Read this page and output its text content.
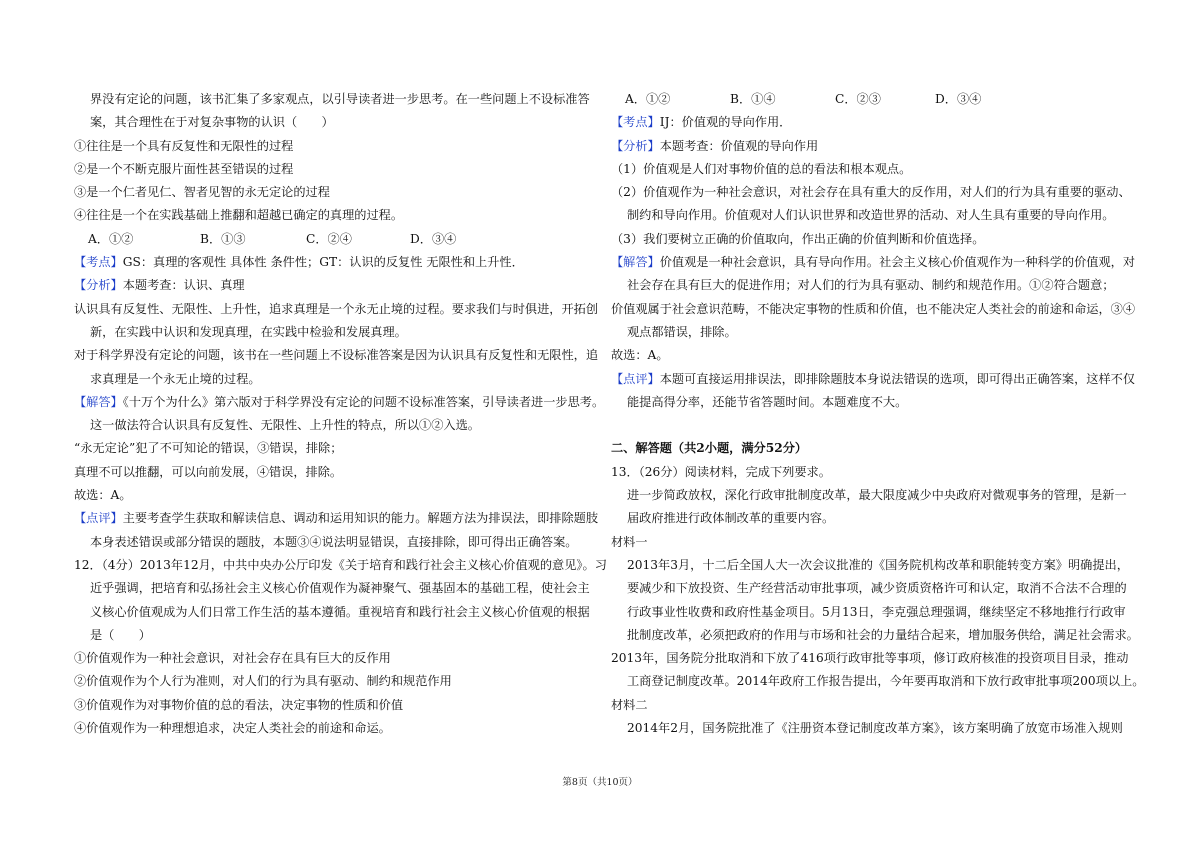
界没有定论的问题，该书汇集了多家观点，以引导读者进一步思考。在一些问题上不设标准答
案，其合理性在于对复杂事物的认识（　　）
①往往是一个具有反复性和无限性的过程
②是一个不断克服片面性甚至错误的过程
③是一个仁者见仁、智者见智的永无定论的过程
④往往是一个在实践基础上推翻和超越已确定的真理的过程。
A．①②	B．①③	C．②④	D．③④
【考点】GS：真理的客观性 具体性 条件性；GT：认识的反复性 无限性和上升性．
【分析】本题考查：认识、真理
认识具有反复性、无限性、上升性，追求真理是一个永无止境的过程。要求我们与时俱进，开拓创
新，在实践中认识和发现真理，在实践中检验和发展真理。
对于科学界没有定论的问题，该书在一些问题上不设标准答案是因为认识具有反复性和无限性，追
求真理是一个永无止境的过程。
【解答】《十万个为什么》第六版对于科学界没有定论的问题不设标准答案，引导读者进一步思考。
这一做法符合认识具有反复性、无限性、上升性的特点，所以①②入选。
“永无定论”犯了不可知论的错误，③错误，排除；
真理不可以推翻，可以向前发展，④错误，排除。
故选：A。
【点评】主要考查学生获取和解读信息、调动和运用知识的能力。解题方法为排误法，即排除题肢
本身表述错误或部分错误的题肢，本题③④说法明显错误，直接排除，即可得出正确答案。
12．（4分）2013年12月，中共中央办公厅印发《关于培育和践行社会主义核心价值观的意见》。习
近乎强调，把培育和弘扬社会主义核心价值观作为凝神聚气、强基固本的基础工程，使社会主
义核心价值观成为人们日常工作生活的基本遵循。重视培育和践行社会主义核心价值观的根据
是（　　）
①价值观作为一种社会意识，对社会存在具有巨大的反作用
②价值观作为个人行为准则，对人们的行为具有驱动、制约和规范作用
③价值观作为对事物价值的总的看法，决定事物的性质和价值
④价值观作为一种理想追求，决定人类社会的前途和命运。
A．①②	B．①④	C．②③	D．③④
【考点】IJ：价值观的导向作用．
【分析】本题考查：价值观的导向作用
（1）价值观是人们对事物价值的总的看法和根本观点。
（2）价值观作为一种社会意识，对社会存在具有重大的反作用，对人们的行为具有重要的驱动、
制约和导向作用。价值观对人们认识世界和改造世界的活动、对人生具有重要的导向作用。
（3）我们要树立正确的价值取向，作出正确的价值判断和价值选择。
【解答】价值观是一种社会意识，具有导向作用。社会主义核心价值观作为一种科学的价值观，对
社会存在具有巨大的促进作用；对人们的行为具有驱动、制约和规范作用。①②符合题意；
价值观属于社会意识范畴，不能决定事物的性质和价值，也不能决定人类社会的前途和命运，③④
观点都错误，排除。
故选：A。
【点评】本题可直接运用排误法，即排除题肢本身说法错误的选项，即可得出正确答案，这样不仅
能提高得分率，还能节省答题时间。本题难度不大。
二、解答题（共2小题，满分52分）
13．（26分）阅读材料，完成下列要求。
进一步简政放权，深化行政审批制度改革，最大限度减少中央政府对微观事务的管理，是新一
届政府推进行政体制改革的重要内容。
材料一
2013年3月，十二后全国人大一次会议批准的《国务院机构改革和职能转变方案》明确提出，
要减少和下放投资、生产经营活动审批事项，减少资质资格许可和认定，取消不合法不合理的
行政事业性收费和政府性基金项目。5月13日，李克强总理强调，继续坚定不移地推行行政审
批制度改革，必须把政府的作用与市场和社会的力量结合起来，增加服务供给，满足社会需求。
2013年，国务院分批取消和下放了416项行政审批等事项，修订政府核准的投资项目目录，推动
工商登记制度改革。2014年政府工作报告提出，今年要再取消和下放行政审批事项200项以上。
材料二
2014年2月，国务院批准了《注册资本登记制度改革方案》，该方案明确了放宽市场准入规则
第8页（共10页）
